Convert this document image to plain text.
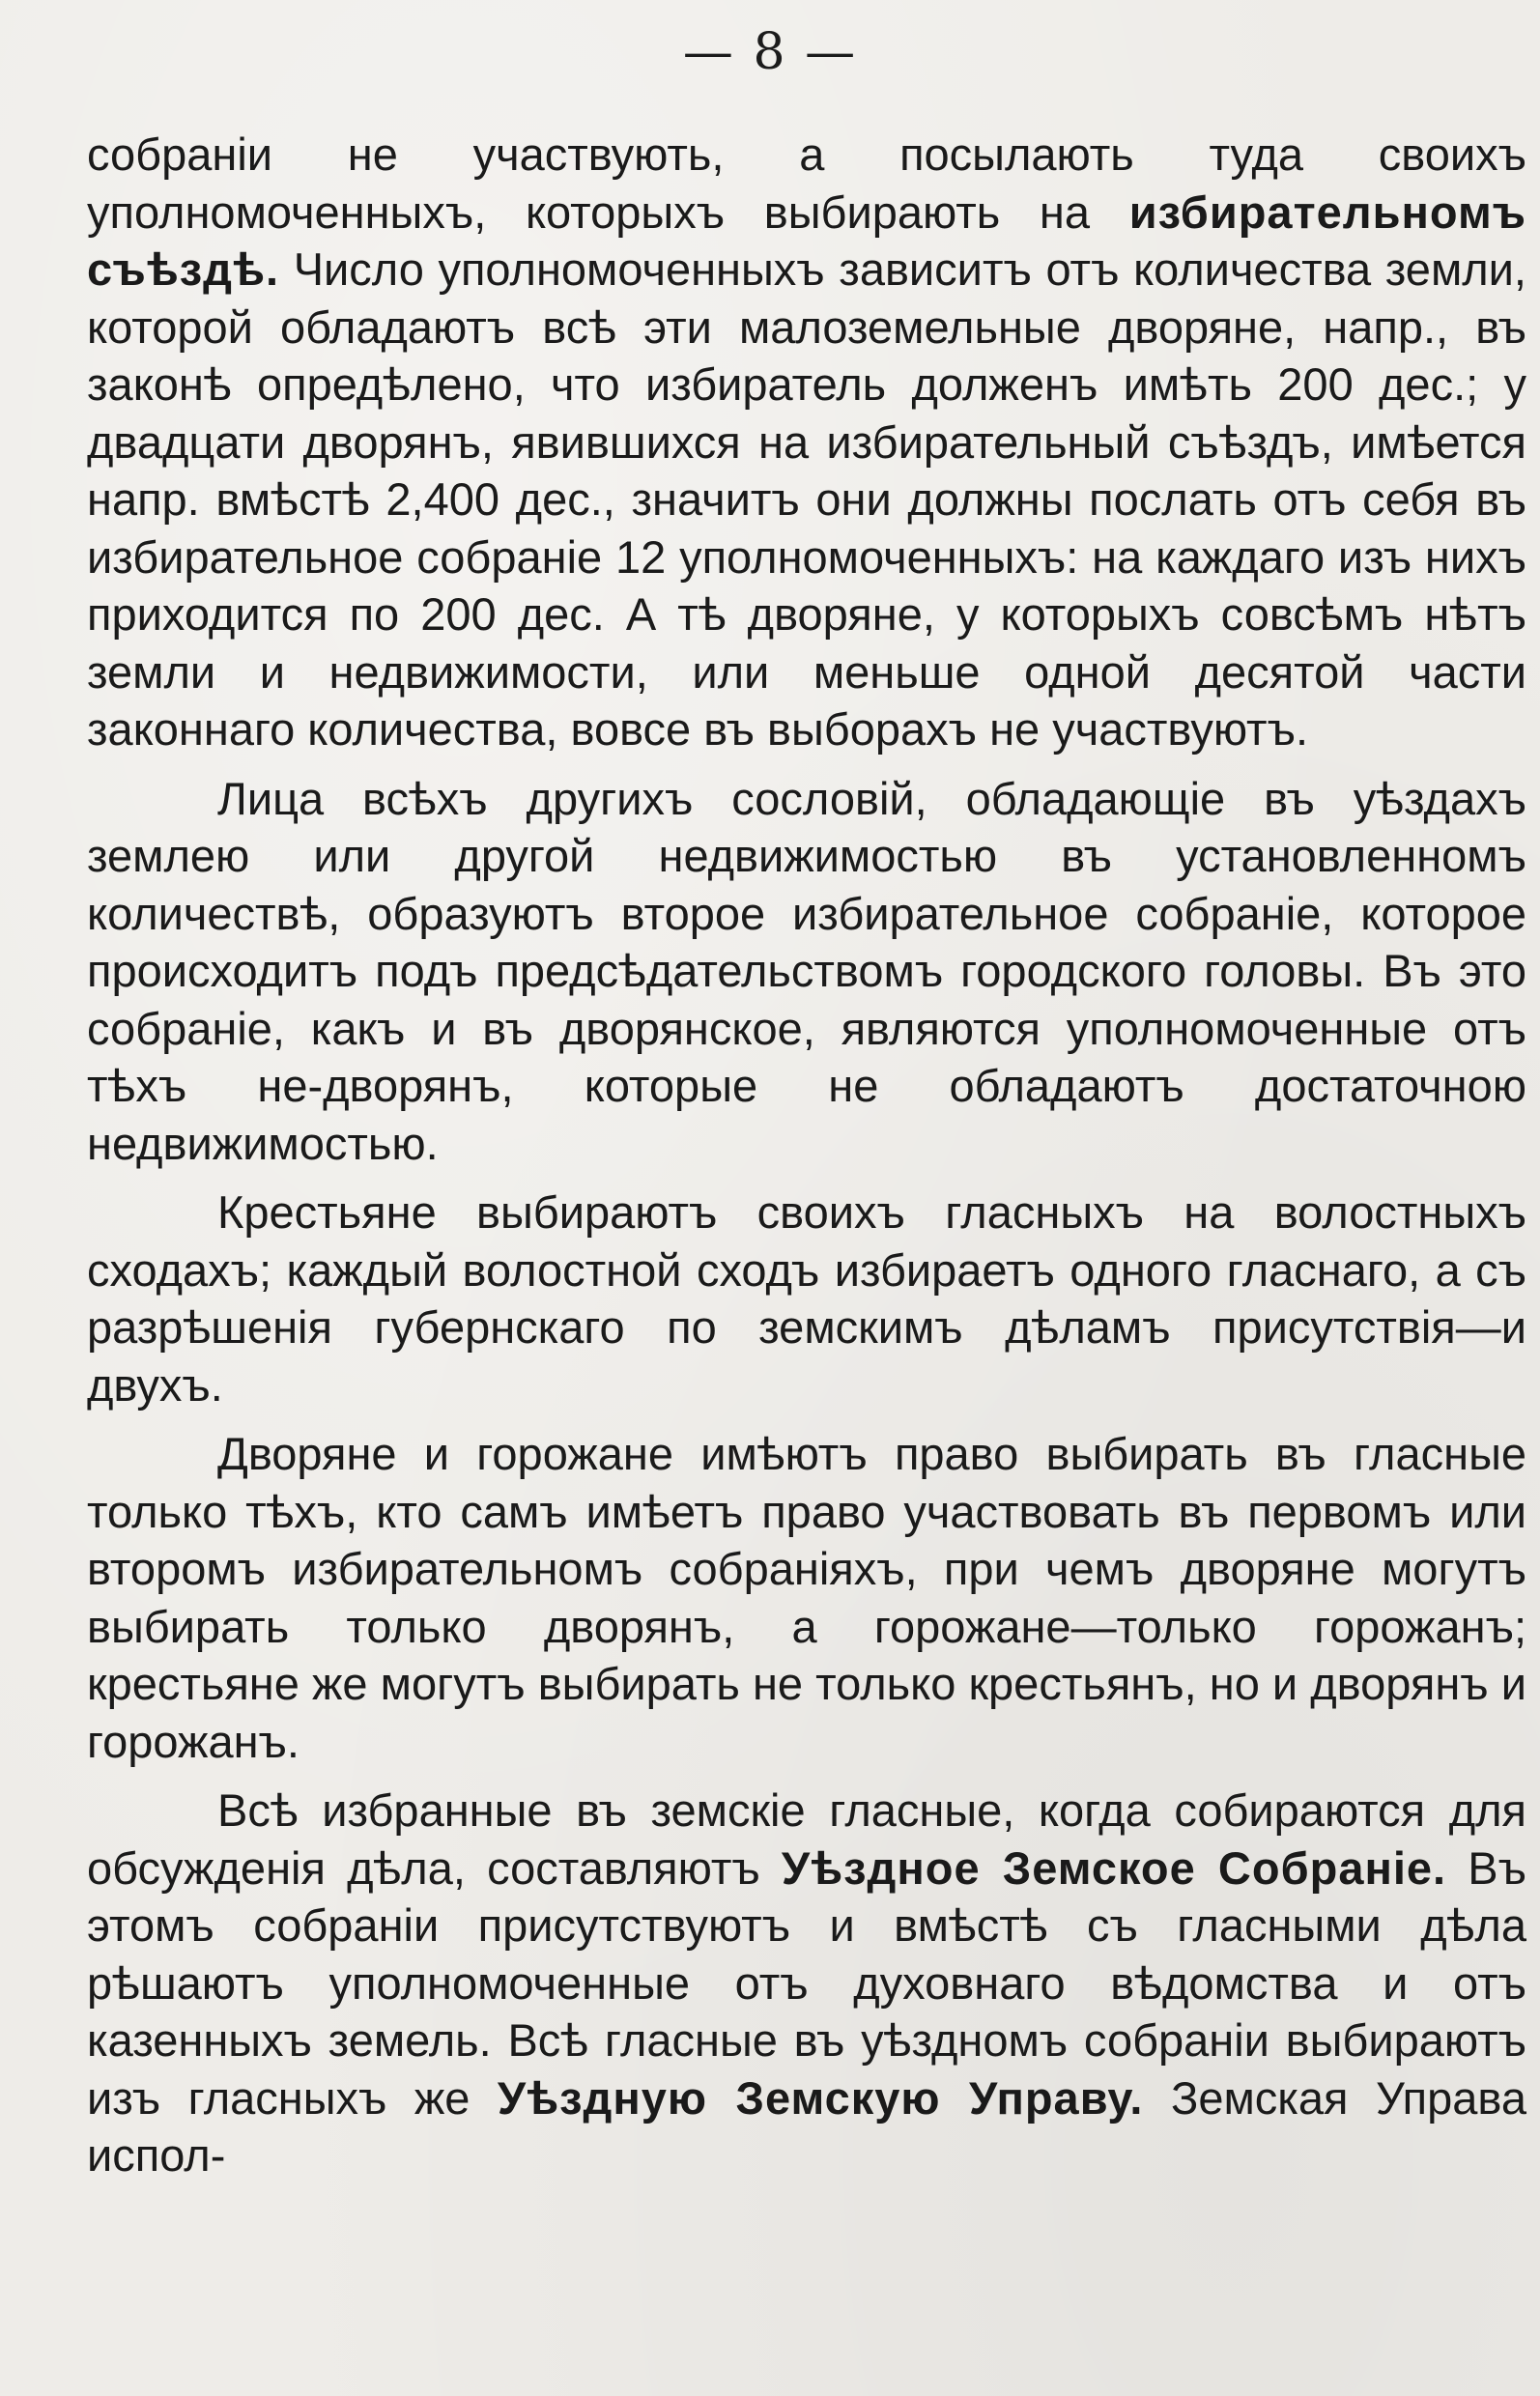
— 8 —

собранiи не участвують, а посылають туда своихъ уполномоченныхъ, которыхъ выбирають на избирательномъ съѣздѣ. Число уполномоченныхъ зависитъ отъ количества земли, которой обладаютъ всѣ эти малоземельные дворяне, напр., въ законѣ опредѣлено, что избиратель долженъ имѣть 200 дес.; у двадцати дворянъ, явившихся на избирательный съѣздъ, имѣется напр. вмѣстѣ 2,400 дес., значитъ они должны послать отъ себя въ избирательное собранiе 12 уполномоченныхъ: на каждаго изъ нихъ приходится по 200 дес. А тѣ дворяне, у которыхъ совсѣмъ нѣтъ земли и недвижимости, или меньше одной десятой части законнаго количества, вовсе въ выборахъ не участвуютъ.

Лица всѣхъ другихъ сословiй, обладающiе въ уѣздахъ землею или другой недвижимостью въ установленномъ количествѣ, образуютъ второе избирательное собранiе, которое происходитъ подъ предсѣдательствомъ городского головы. Въ это собранiе, какъ и въ дворянское, являются уполномоченные отъ тѣхъ не-дворянъ, которые не обладаютъ достаточною недвижимостью.

Крестьяне выбираютъ своихъ гласныхъ на волостныхъ сходахъ; каждый волостной сходъ избираетъ одного гласнаго, а съ разрѣшенiя губернскаго по земскимъ дѣламъ присутствiя—и двухъ.

Дворяне и горожане имѣютъ право выбирать въ гласные только тѣхъ, кто самъ имѣетъ право участвовать въ первомъ или второмъ избирательномъ собранiяхъ, при чемъ дворяне могутъ выбирать только дворянъ, а горожане—только горожанъ; крестьяне же могутъ выбирать не только крестьянъ, но и дворянъ и горожанъ.

Всѣ избранные въ земскiе гласные, когда собираются для обсужденiя дѣла, составляютъ Уѣздное Земское Собранiе. Въ этомъ собранiи присутствуютъ и вмѣстѣ съ гласными дѣла рѣшаютъ уполномоченные отъ духовнаго вѣдомства и отъ казенныхъ земель. Всѣ гласные въ уѣздномъ собранiи выбираютъ изъ гласныхъ же Уѣздную Земскую Управу. Земская Управа испол-
